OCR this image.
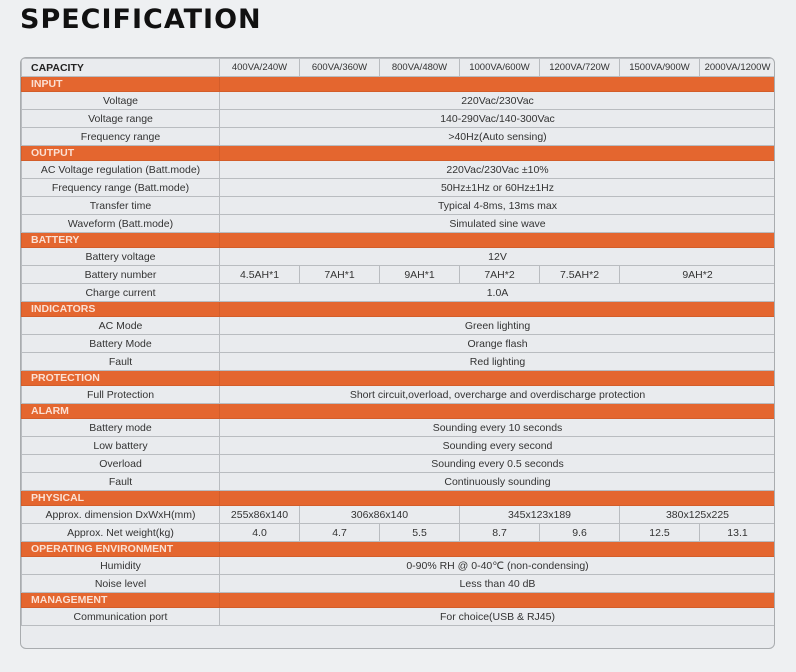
SPECIFICATION
CAPACITY	400VA/240W	600VA/360W	800VA/480W	1000VA/600W	1200VA/720W	1500VA/900W	2000VA/1200W
INPUT							
Voltage	220Vac/230Vac						
Voltage range	140-290Vac/140-300Vac						
Frequency range	>40Hz(Auto sensing)						
OUTPUT							
AC Voltage regulation (Batt.mode)	220Vac/230Vac ±10%						
Frequency range (Batt.mode)	50Hz±1Hz or 60Hz±1Hz						
Transfer time	Typical 4-8ms, 13ms max						
Waveform (Batt.mode)	Simulated sine wave						
BATTERY							
Battery voltage	12V						
Battery number	4.5AH*1	7AH*1	9AH*1	7AH*2	7.5AH*2	9AH*2	
Charge current	1.0A						
INDICATORS							
AC Mode	Green lighting						
Battery Mode	Orange flash						
Fault	Red lighting						
PROTECTION							
Full Protection	Short circuit,overload, overcharge and overdischarge protection						
ALARM							
Battery mode	Sounding every 10 seconds						
Low battery	Sounding every second						
Overload	Sounding every 0.5 seconds						
Fault	Continuously sounding						
PHYSICAL							
Approx. dimension DxWxH(mm)	255x86x140	306x86x140		345x123x189		380x125x225	
Approx. Net weight(kg)	4.0	4.7	5.5	8.7	9.6	12.5	13.1
OPERATING ENVIRONMENT							
Humidity	0-90% RH @ 0-40℃ (non-condensing)						
Noise level	Less than 40 dB						
MANAGEMENT							
Communication port	For choice(USB & RJ45)						
